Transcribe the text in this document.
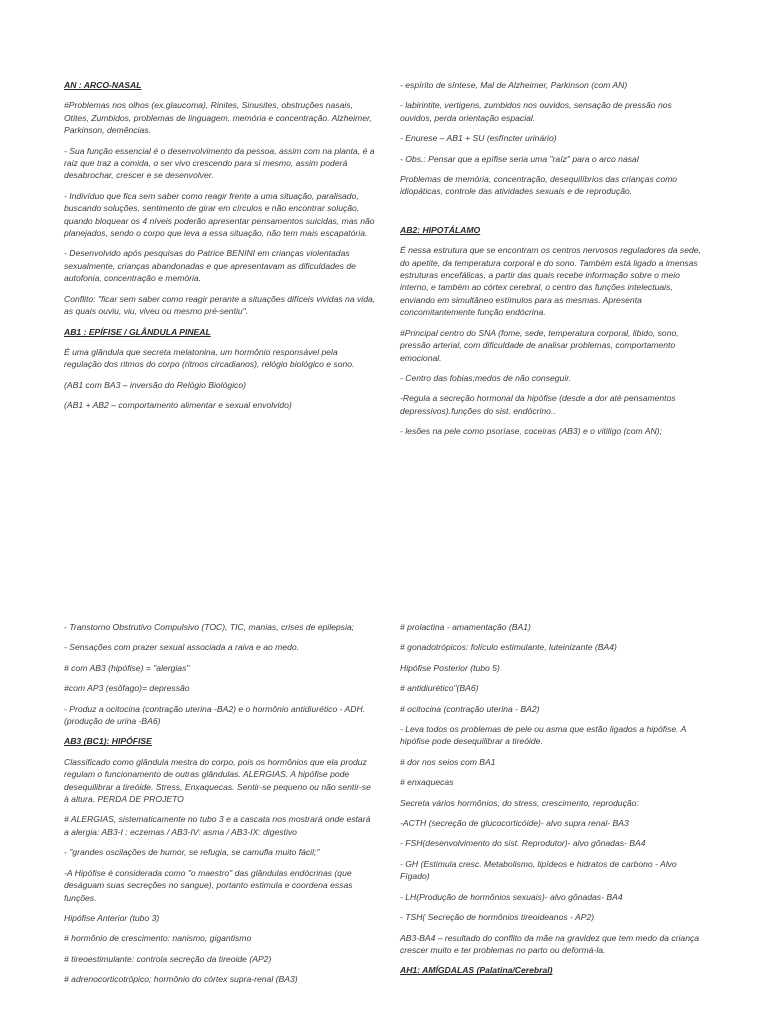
AN : ARCO-NASAL

#Problemas nos olhos (ex.glaucoma), Rinites, Sinusites, obstruções nasais, Otites, Zumbidos, problemas de linguagem, memória e concentração. Alzheimer, Parkinson, demências.

- Sua função essencial é o desenvolvimento da pessoa, assim com na planta, é a raiz que traz a comida, o ser vivo crescendo para si mesmo, assim poderá desabrochar, crescer e se desenvolver.

- Indivíduo que fica sem saber como reagir frente a uma situação, paralisado, buscando soluções, sentimento de girar em círculos e não encontrar solução, quando bloquear os 4 níveis poderão apresentar pensamentos suicidas, mas não planejados, sendo o corpo que leva a essa situação, não tem mais escapatória.

- Desenvolvido após pesquisas do Patrice BENINI em crianças violentadas sexualmente, crianças abandonadas e que apresentavam as dificuldades de autofonia, concentração e memória.

Conflito: "ficar sem saber como reagir perante a situações difíceis vividas na vida, as quais ouviu, viu, viveu ou mesmo pré-sentiu".

AB1 : EPÍFISE / GLÂNDULA PINEAL

É uma glândula que secreta melatonina, um hormônio responsável pela regulação dos ritmos do corpo (ritmos circadianos), relógio biológico e sono.

(AB1 com BA3 – inversão do Relógio Biológico)

(AB1 + AB2 – comportamento alimentar e sexual envolvido)

- espírito de síntese, Mal de Alzheimer, Parkinson (com AN)

- labirintite, vertigens, zumbidos nos ouvidos, sensação de pressão nos ouvidos, perda orientação espacial.

- Enurese – AB1 + SU (esfíncter urinário)

- Obs.: Pensar que a epífise seria uma "raíz" para o arco nasal

Problemas de memória, concentração, desequilíbrios das crianças como idiopáticas, controle das atividades sexuais e de reprodução.

AB2: HIPOTÁLAMO

É nessa estrutura que se encontram os centros nervosos reguladores da sede, do apetite, da temperatura corporal e do sono. Também está ligado a imensas estruturas encefálicas, a partir das quais recebe informação sobre o meio interno, e também ao córtex cerebral, o centro das funções intelectuais, enviando em simultâneo estímulos para as mesmas. Apresenta concomitantemente função endócrina.

#Principal centro do SNA (fome, sede, temperatura corporal, libido, sono, pressão arterial, com dificuldade de analisar problemas, comportamento emocional.

- Centro das fobias;medos de não conseguir.

-Regula a secreção hormonal da hipófise (desde a dor até pensamentos depressivos).funções do sist. endócrino..

- lesões na pele como psoríase, coceiras (AB3) e o vitiligo (com AN);

- Transtorno Obstrutivo Compulsivo (TOC), TIC, manias, crises de epilepsia;

- Sensações com prazer sexual associada a raiva e ao medo.

# com AB3 (hipófise) = "alergias"

#com AP3 (esôfago)= depressão

- Produz a ocitocina (contração uterina -BA2) e o hormônio antidiurético - ADH.(produção de urina -BA6)

AB3 (BC1): HIPÓFISE

Classificado como glândula mestra do corpo, pois os hormônios que ela produz regulam o funcionamento de outras glândulas. ALERGIAS. A hipófise pode desequilibrar a tireóide. Stress, Enxaquecas. Sentir-se pequeno ou não sentir-se à altura. PERDA DE PROJETO

# ALERGIAS, sistematicamente no tubo 3 e a cascata nos mostrará onde estará a alergia: AB3-I : eczemas / AB3-IV: asma / AB3-IX: digestivo

- "grandes oscilações de humor, se refugia, se camufla muito fácil;"

-A Hipófise é considerada como "o maestro" das glândulas endócrinas (que deságuam suas secreções no sangue), portanto estimula e coordena essas funções.

Hipófise Anterior (tubo 3)

# hormônio de crescimento: nanismo, gigantismo

# tireoestimulante: controla secreção da tireoide (AP2)

# adrenocorticotrópico; hormônio do córtex supra-renal (BA3)

# prolactina - amamentação (BA1)

# gonadotrópicos: folículo estimulante, luteinizante (BA4)

Hipófise Posterior (tubo 5)

# antidiurético"(BA6)

# ocitocina (contração uterina - BA2)

- Leva todos os problemas de pele ou asma que estão ligados a hipófise. A hipófise pode desequilibrar a tireóide.

# dor nos seios com BA1

# enxaquecas

Secreta vários hormônios, do stress, crescimento, reprodução:

-ACTH (secreção de glucocorticóide)- alvo supra renal- BA3

- FSH(desenvolvimento do sist. Reprodutor)- alvo gônadas- BA4

- GH (Estimula cresc. Metabolismo, lipídeos e hidratos de carbono - Alvo Fígado)

- LH(Produção de hormônios sexuais)- alvo gônadas- BA4

- TSH( Secreção de hormônios tireoideanos - AP2)

AB3-BA4 – resultado do conflito da mãe na gravidez que tem medo da criança crescer muito e ter problemas no parto ou deformá-la.

AH1: AMÍGDALAS (Palatina/Cerebral)
